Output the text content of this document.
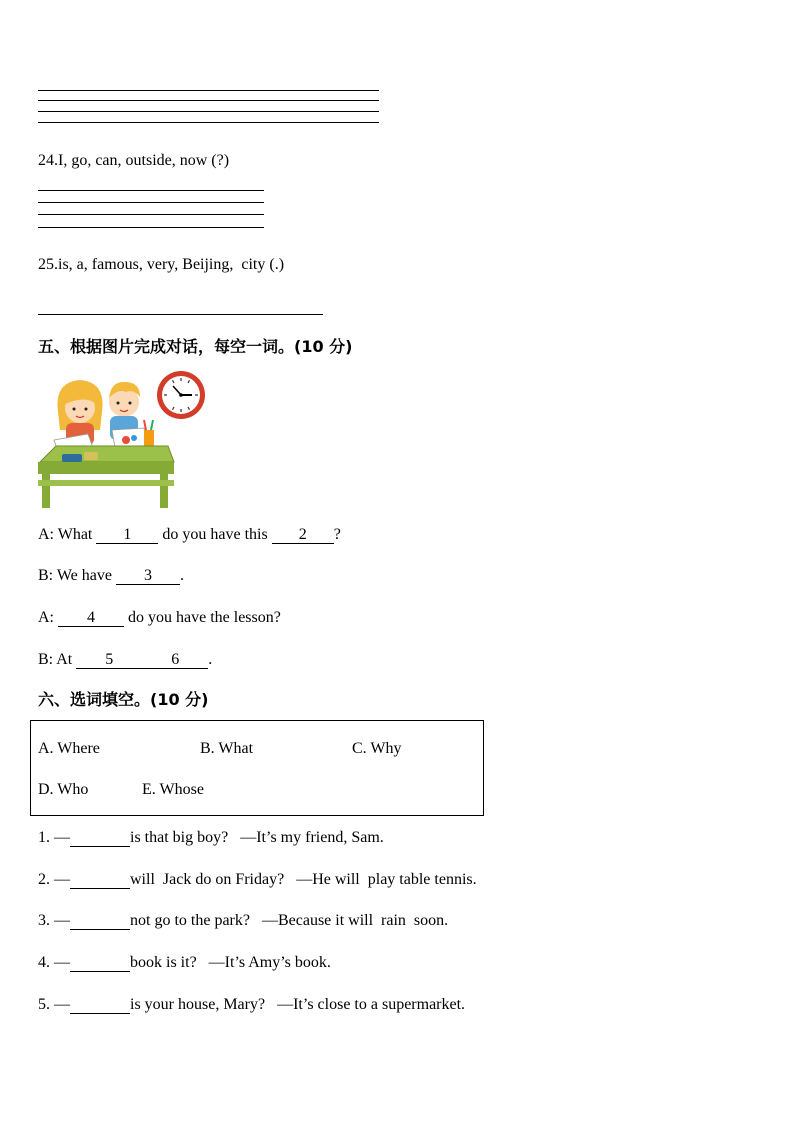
24.I, go, can, outside, now (?)
25.is, a, famous, very, Beijing,  city (.)
五、根据图片完成对话，每空一词。(10 分)
A: What 1 do you have this 2 ?
B: We have 3 .
A: 4 do you have the lesson?
B: At 5	6 .
六、选词填空。(10 分)
A. Where	B. What	C. Why
D. Who	E. Whose
1. —	is that big boy? —It’s my friend, Sam.
2. —	will  Jack do on Friday? —He will  play table tennis.
3. —	not go to the park? —Because it will  rain  soon.
4. —	book is it? —It’s Amy’s book.
5. —	is your house, Mary? —It’s close to a supermarket.
